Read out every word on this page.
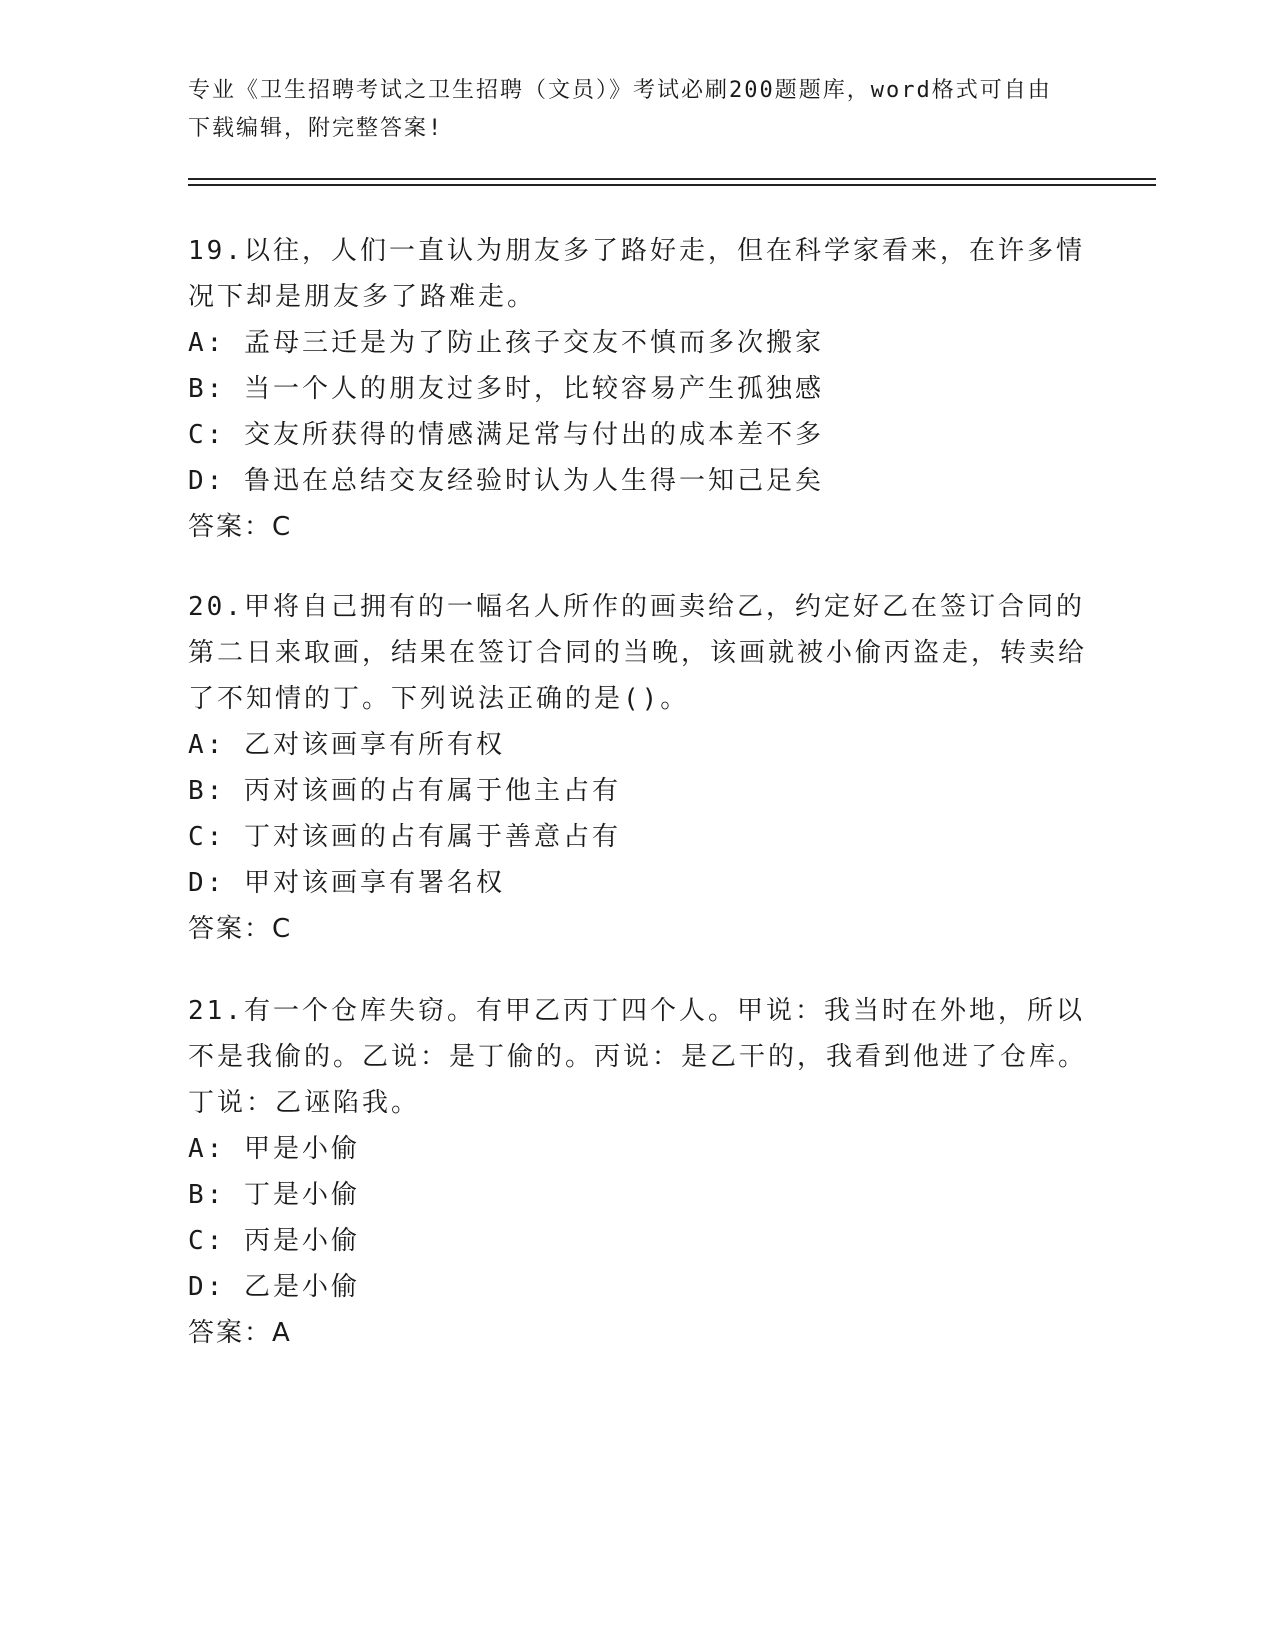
专业《卫生招聘考试之卫生招聘（文员）》考试必刷200题题库，word格式可自由下载编辑，附完整答案!

19.以往，人们一直认为朋友多了路好走，但在科学家看来，在许多情况下却是朋友多了路难走。

A: 孟母三迁是为了防止孩子交友不慎而多次搬家

B: 当一个人的朋友过多时，比较容易产生孤独感

C: 交友所获得的情感满足常与付出的成本差不多

D: 鲁迅在总结交友经验时认为人生得一知己足矣

答案：C

20.甲将自己拥有的一幅名人所作的画卖给乙，约定好乙在签订合同的第二日来取画，结果在签订合同的当晚，该画就被小偷丙盗走，转卖给了不知情的丁。下列说法正确的是()。

A: 乙对该画享有所有权

B: 丙对该画的占有属于他主占有

C: 丁对该画的占有属于善意占有

D: 甲对该画享有署名权

答案：C

21.有一个仓库失窃。有甲乙丙丁四个人。甲说：我当时在外地，所以不是我偷的。乙说：是丁偷的。丙说：是乙干的，我看到他进了仓库。丁说：乙诬陷我。

A: 甲是小偷

B: 丁是小偷

C: 丙是小偷

D: 乙是小偷

答案：A
